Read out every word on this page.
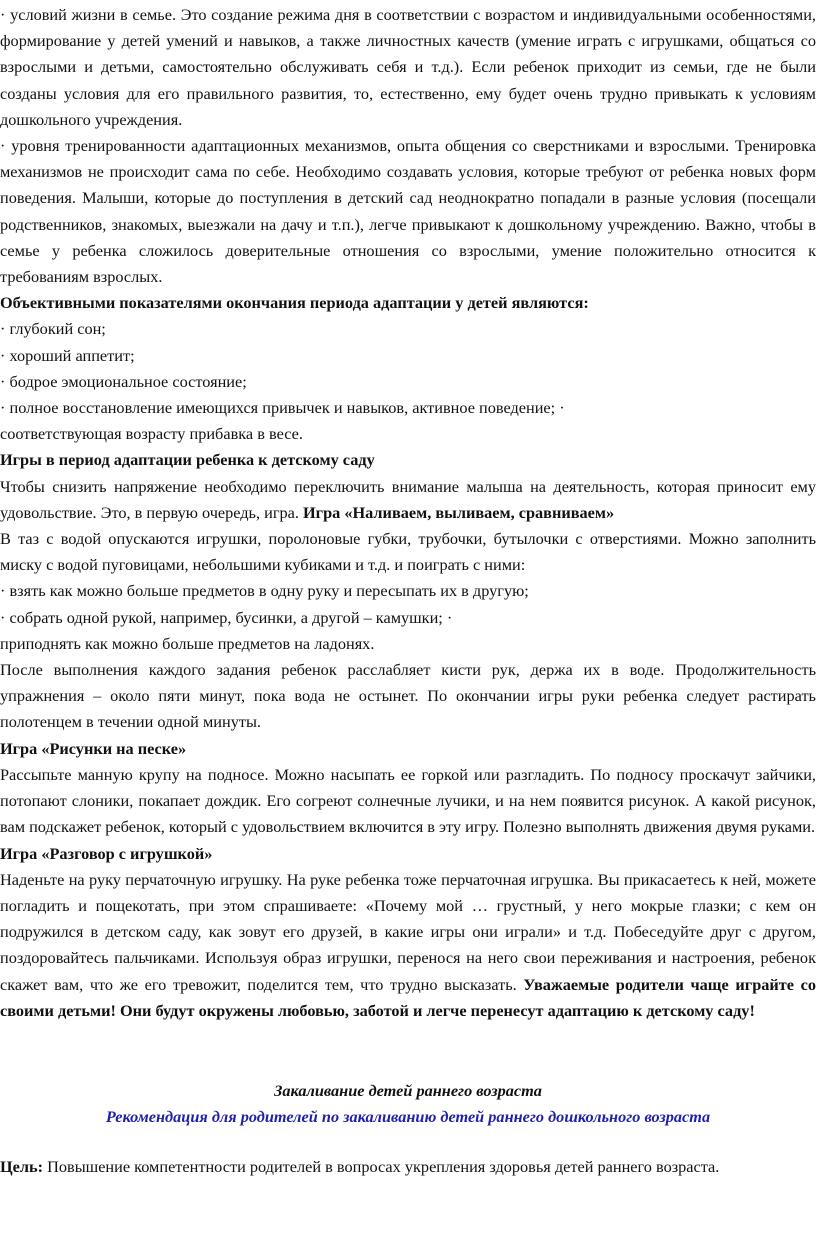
· условий жизни в семье. Это создание режима дня в соответствии с возрастом и индивидуальными особенностями, формирование у детей умений и навыков, а также личностных качеств (умение играть с игрушками, общаться со взрослыми и детьми, самостоятельно обслуживать себя и т.д.). Если ребенок приходит из семьи, где не были созданы условия для его правильного развития, то, естественно, ему будет очень трудно привыкать к условиям дошкольного учреждения.

· уровня тренированности адаптационных механизмов, опыта общения со сверстниками и взрослыми. Тренировка механизмов не происходит сама по себе. Необходимо создавать условия, которые требуют от ребенка новых форм поведения. Малыши, которые до поступления в детский сад неоднократно попадали в разные условия (посещали родственников, знакомых, выезжали на дачу и т.п.), легче привыкают к дошкольному учреждению. Важно, чтобы в семье у ребенка сложилось доверительные отношения со взрослыми, умение положительно относится к требованиям взрослых.

Объективными показателями окончания периода адаптации у детей являются:

· глубокий сон;

· хороший аппетит;

· бодрое эмоциональное состояние;

· полное восстановление имеющихся привычек и навыков, активное поведение; ·

соответствующая возрасту прибавка в весе.

Игры в период адаптации ребенка к детскому саду

Чтобы снизить напряжение необходимо переключить внимание малыша на деятельность, которая приносит ему удовольствие. Это, в первую очередь, игра. Игра «Наливаем, выливаем, сравниваем»

В таз с водой опускаются игрушки, поролоновые губки, трубочки, бутылочки с отверстиями. Можно заполнить миску с водой пуговицами, небольшими кубиками и т.д. и поиграть с ними:

· взять как можно больше предметов в одну руку и пересыпать их в другую;

· собрать одной рукой, например, бусинки, а другой – камушки; ·

приподнять как можно больше предметов на ладонях.

После выполнения каждого задания ребенок расслабляет кисти рук, держа их в воде. Продолжительность упражнения – около пяти минут, пока вода не остынет. По окончании игры руки ребенка следует растирать полотенцем в течении одной минуты.

Игра «Рисунки на песке»

Рассыпьте манную крупу на подносе. Можно насыпать ее горкой или разгладить. По подносу проскачут зайчики, потопают слоники, покапает дождик. Его согреют солнечные лучики, и на нем появится рисунок. А какой рисунок, вам подскажет ребенок, который с удовольствием включится в эту игру. Полезно выполнять движения двумя руками.

Игра «Разговор с игрушкой»

Наденьте на руку перчаточную игрушку. На руке ребенка тоже перчаточная игрушка. Вы прикасаетесь к ней, можете погладить и пощекотать, при этом спрашиваете: «Почему мой … грустный, у него мокрые глазки; с кем он подружился в детском саду, как зовут его друзей, в какие игры они играли» и т.д. Побеседуйте друг с другом, поздоровайтесь пальчиками. Используя образ игрушки, перенося на него свои переживания и настроения, ребенок скажет вам, что же его тревожит, поделится тем, что трудно высказать. Уважаемые родители чаще играйте со своими детьми! Они будут окружены любовью, заботой и легче перенесут адаптацию к детскому саду!

Закаливание детей раннего возраста

Рекомендация для родителей по закаливанию детей раннего дошкольного возраста

Цель: Повышение компетентности родителей в вопросах укрепления здоровья детей раннего возраста.
